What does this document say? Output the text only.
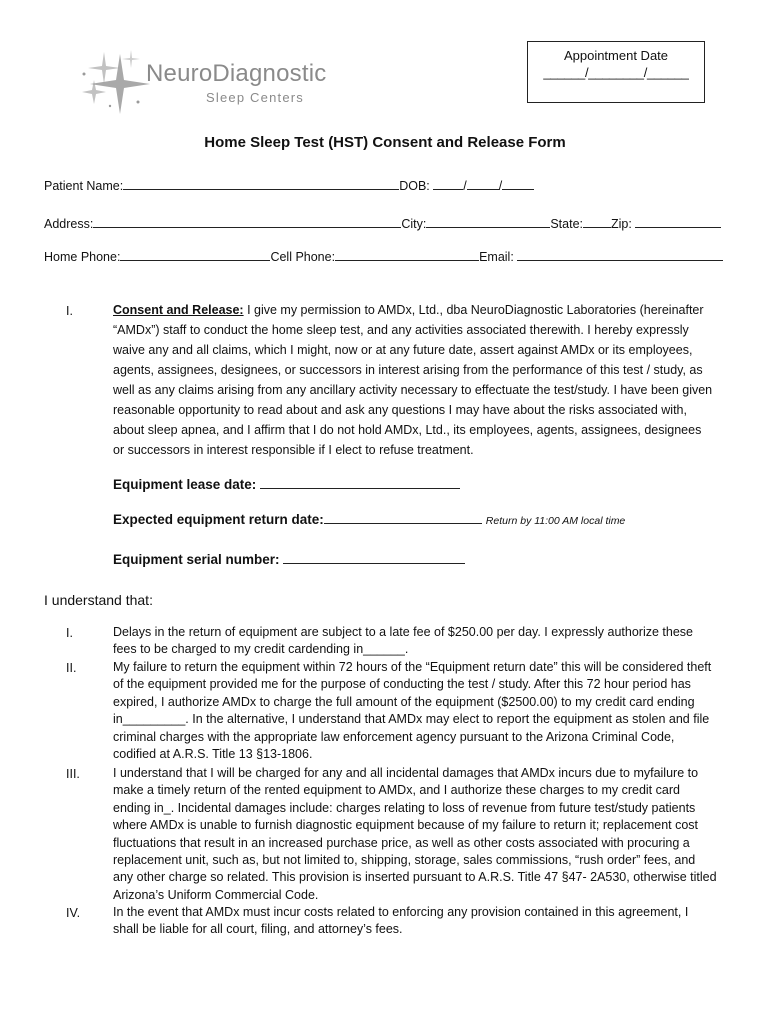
NeuroDiagnostic
Sleep Centers
Appointment Date
______/________/______
Home Sleep Test (HST) Consent and Release Form
Patient Name:	DOB:	/	/
Address:	City:	State: Zip:
Home Phone:	Cell Phone:	Email:
I.	Consent and Release: I give my permission to AMDx, Ltd., dba NeuroDiagnostic Laboratories (hereinafter “AMDx”) staff to conduct the home sleep test, and any activities associated therewith. I hereby expressly waive any and all claims, which I might, now or at any future date, assert against AMDx or its employees, agents, assignees, designees, or successors in interest arising from the performance of this test / study, as well as any claims arising from any ancillary activity necessary to effectuate the test/study. I have been given reasonable opportunity to read about and ask any questions I may have about the risks associated with, about sleep apnea, and I affirm that I do not hold AMDx, Ltd., its employees, agents, assignees, designees or successors in interest responsible if I elect to refuse treatment.
Equipment lease date:
Expected equipment return date:	Return by 11:00 AM local time
Equipment serial number:
I understand that:
I.	Delays in the return of equipment are subject to a late fee of $250.00 per day. I expressly authorize these fees to be charged to my credit cardending in______.
II.	My failure to return the equipment within 72 hours of the “Equipment return date” this will be considered theft of the equipment provided me for the purpose of conducting the test / study. After this 72 hour period has expired, I authorize AMDx to charge the full amount of the equipment ($2500.00) to my credit card ending in_________. In the alternative, I understand that AMDx may elect to report the equipment as stolen and file criminal charges with the appropriate law enforcement agency pursuant to the Arizona Criminal Code, codified at A.R.S. Title 13 §13-1806.
III.	I understand that I will be charged for any and all incidental damages that AMDx incurs due to myfailure to make a timely return of the rented equipment to AMDx, and I authorize these charges to my credit card ending in_. Incidental damages include: charges relating to loss of revenue from future test/study patients where AMDx is unable to furnish diagnostic equipment because of my failure to return it; replacement cost fluctuations that result in an increased purchase price, as well as other costs associated with procuring a replacement unit, such as, but not limited to, shipping, storage, sales commissions, “rush order” fees, and any other charge so related. This provision is inserted pursuant to A.R.S. Title 47 §47- 2A530, otherwise titled Arizona’s Uniform Commercial Code.
IV.	In the event that AMDx must incur costs related to enforcing any provision contained in this agreement, I shall be liable for all court, filing, and attorney’s fees.
